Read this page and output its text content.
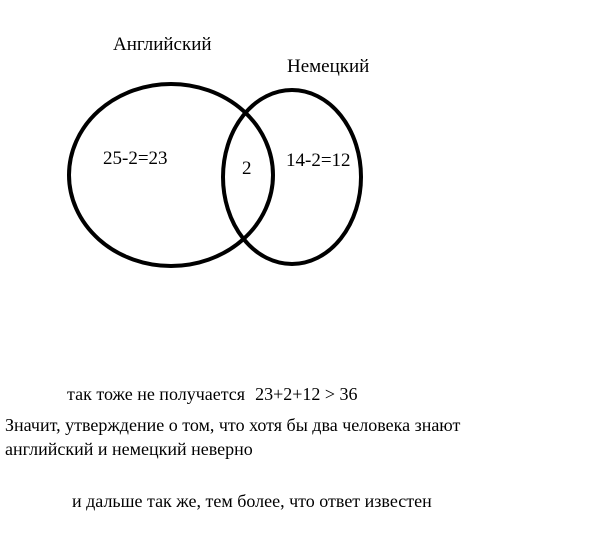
Английский
Немецкий
25-2=23	2 14-2=12
так тоже не получается 23+2+12 > 36
Значит, утверждение о том, что хотя бы два человека знают
английский и немецкий неверно
и дальше так же, тем более, что ответ известен
